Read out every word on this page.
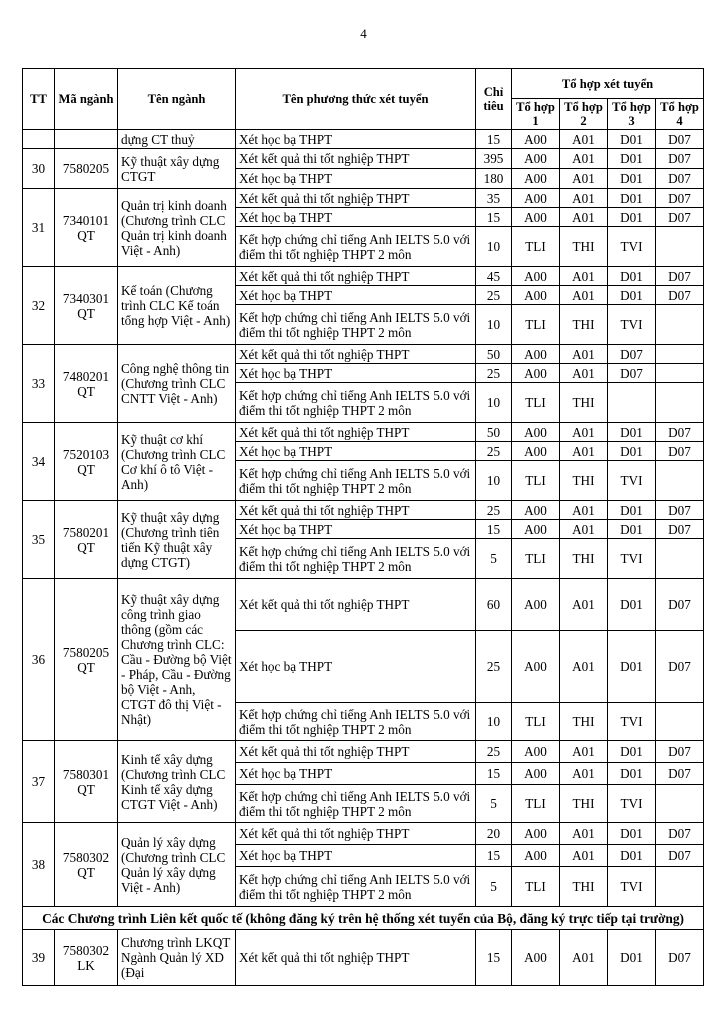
4
TT	Mã ngành	Tên ngành	Tên phương thức xét tuyển	Chỉ tiêu	Tổ hợp xét tuyển			
					Tổ hợp 1	Tổ hợp 2	Tổ hợp 3	Tổ hợp 4
		dựng CT thuỷ	Xét học bạ THPT	15	A00	A01	D01	D07
30	7580205	Kỹ thuật xây dựng CTGT	Xét kết quả thi tốt nghiệp THPT	395	A00	A01	D01	D07
			Xét học bạ THPT	180	A00	A01	D01	D07
31	7340101 QT	Quản trị kinh doanh (Chương trình CLC Quản trị kinh doanh Việt - Anh)	Xét kết quả thi tốt nghiệp THPT	35	A00	A01	D01	D07
			Xét học bạ THPT	15	A00	A01	D01	D07
			Kết hợp chứng chỉ tiếng Anh IELTS 5.0 với điểm thi tốt nghiệp THPT 2 môn	10	TLI	THI	TVI	
32	7340301 QT	Kế toán (Chương trình CLC Kế toán tổng hợp Việt - Anh)	Xét kết quả thi tốt nghiệp THPT	45	A00	A01	D01	D07
			Xét học bạ THPT	25	A00	A01	D01	D07
			Kết hợp chứng chỉ tiếng Anh IELTS 5.0 với điểm thi tốt nghiệp THPT 2 môn	10	TLI	THI	TVI	
33	7480201 QT	Công nghệ thông tin (Chương trình CLC CNTT Việt - Anh)	Xét kết quả thi tốt nghiệp THPT	50	A00	A01	D07	
			Xét học bạ THPT	25	A00	A01	D07	
			Kết hợp chứng chỉ tiếng Anh IELTS 5.0 với điểm thi tốt nghiệp THPT 2 môn	10	TLI	THI		
34	7520103 QT	Kỹ thuật cơ khí (Chương trình CLC Cơ khí ô tô Việt - Anh)	Xét kết quả thi tốt nghiệp THPT	50	A00	A01	D01	D07
			Xét học bạ THPT	25	A00	A01	D01	D07
			Kết hợp chứng chỉ tiếng Anh IELTS 5.0 với điểm thi tốt nghiệp THPT 2 môn	10	TLI	THI	TVI	
35	7580201 QT	Kỹ thuật xây dựng (Chương trình tiên tiến Kỹ thuật xây dựng CTGT)	Xét kết quả thi tốt nghiệp THPT	25	A00	A01	D01	D07
			Xét học bạ THPT	15	A00	A01	D01	D07
			Kết hợp chứng chỉ tiếng Anh IELTS 5.0 với điểm thi tốt nghiệp THPT 2 môn	5	TLI	THI	TVI	
36	7580205 QT	Kỹ thuật xây dựng công trình giao thông (gồm các Chương trình CLC: Cầu - Đường bộ Việt - Pháp, Cầu - Đường bộ Việt - Anh, CTGT đô thị Việt - Nhật)	Xét kết quả thi tốt nghiệp THPT	60	A00	A01	D01	D07
			Xét học bạ THPT	25	A00	A01	D01	D07
			Kết hợp chứng chỉ tiếng Anh IELTS 5.0 với điểm thi tốt nghiệp THPT 2 môn	10	TLI	THI	TVI	
37	7580301 QT	Kinh tế xây dựng (Chương trình CLC Kinh tế xây dựng CTGT Việt - Anh)	Xét kết quả thi tốt nghiệp THPT	25	A00	A01	D01	D07
			Xét học bạ THPT	15	A00	A01	D01	D07
			Kết hợp chứng chỉ tiếng Anh IELTS 5.0 với điểm thi tốt nghiệp THPT 2 môn	5	TLI	THI	TVI	
38	7580302 QT	Quản lý xây dựng (Chương trình CLC Quản lý xây dựng Việt - Anh)	Xét kết quả thi tốt nghiệp THPT	20	A00	A01	D01	D07
			Xét học bạ THPT	15	A00	A01	D01	D07
			Kết hợp chứng chỉ tiếng Anh IELTS 5.0 với điểm thi tốt nghiệp THPT 2 môn	5	TLI	THI	TVI	
Các Chương trình Liên kết quốc tế (không đăng ký trên hệ thống xét tuyển của Bộ, đăng ký trực tiếp tại trường)								
39	7580302 LK	Chương trình LKQT Ngành Quản lý XD (Đại	Xét kết quả thi tốt nghiệp THPT	15	A00	A01	D01	D07
